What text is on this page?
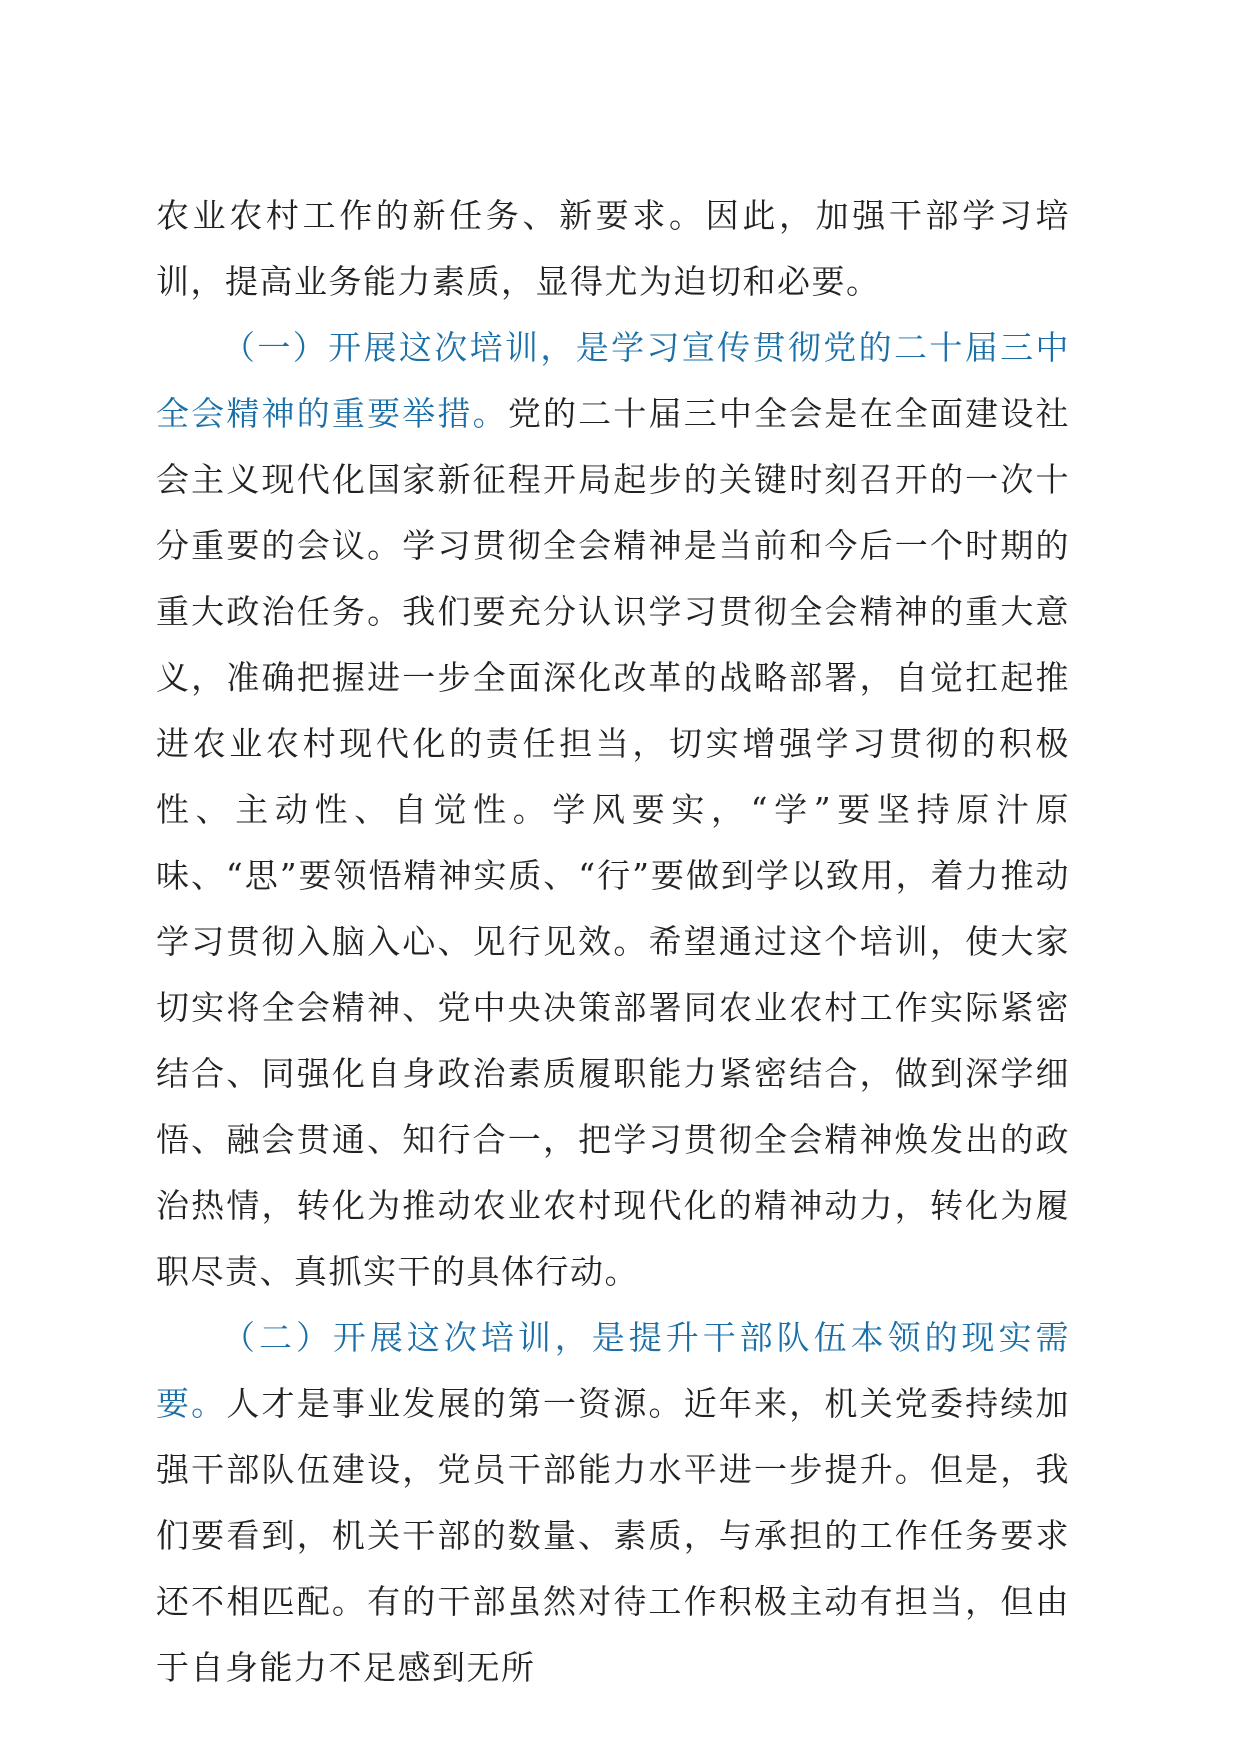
农业农村工作的新任务、新要求。因此，加强干部学习培训，提高业务能力素质，显得尤为迫切和必要。

（一）开展这次培训，是学习宣传贯彻党的二十届三中全会精神的重要举措。党的二十届三中全会是在全面建设社会主义现代化国家新征程开局起步的关键时刻召开的一次十分重要的会议。学习贯彻全会精神是当前和今后一个时期的重大政治任务。我们要充分认识学习贯彻全会精神的重大意义，准确把握进一步全面深化改革的战略部署，自觉扛起推进农业农村现代化的责任担当，切实增强学习贯彻的积极性、主动性、自觉性。学风要实，“学”要坚持原汁原味、“思”要领悟精神实质、“行”要做到学以致用，着力推动学习贯彻入脑入心、见行见效。希望通过这个培训，使大家切实将全会精神、党中央决策部署同农业农村工作实际紧密结合、同强化自身政治素质履职能力紧密结合，做到深学细悟、融会贯通、知行合一，把学习贯彻全会精神焕发出的政治热情，转化为推动农业农村现代化的精神动力，转化为履职尽责、真抓实干的具体行动。

（二）开展这次培训，是提升干部队伍本领的现实需要。人才是事业发展的第一资源。近年来，机关党委持续加强干部队伍建设，党员干部能力水平进一步提升。但是，我们要看到，机关干部的数量、素质，与承担的工作任务要求还不相匹配。有的干部虽然对待工作积极主动有担当，但由于自身能力不足感到无所
